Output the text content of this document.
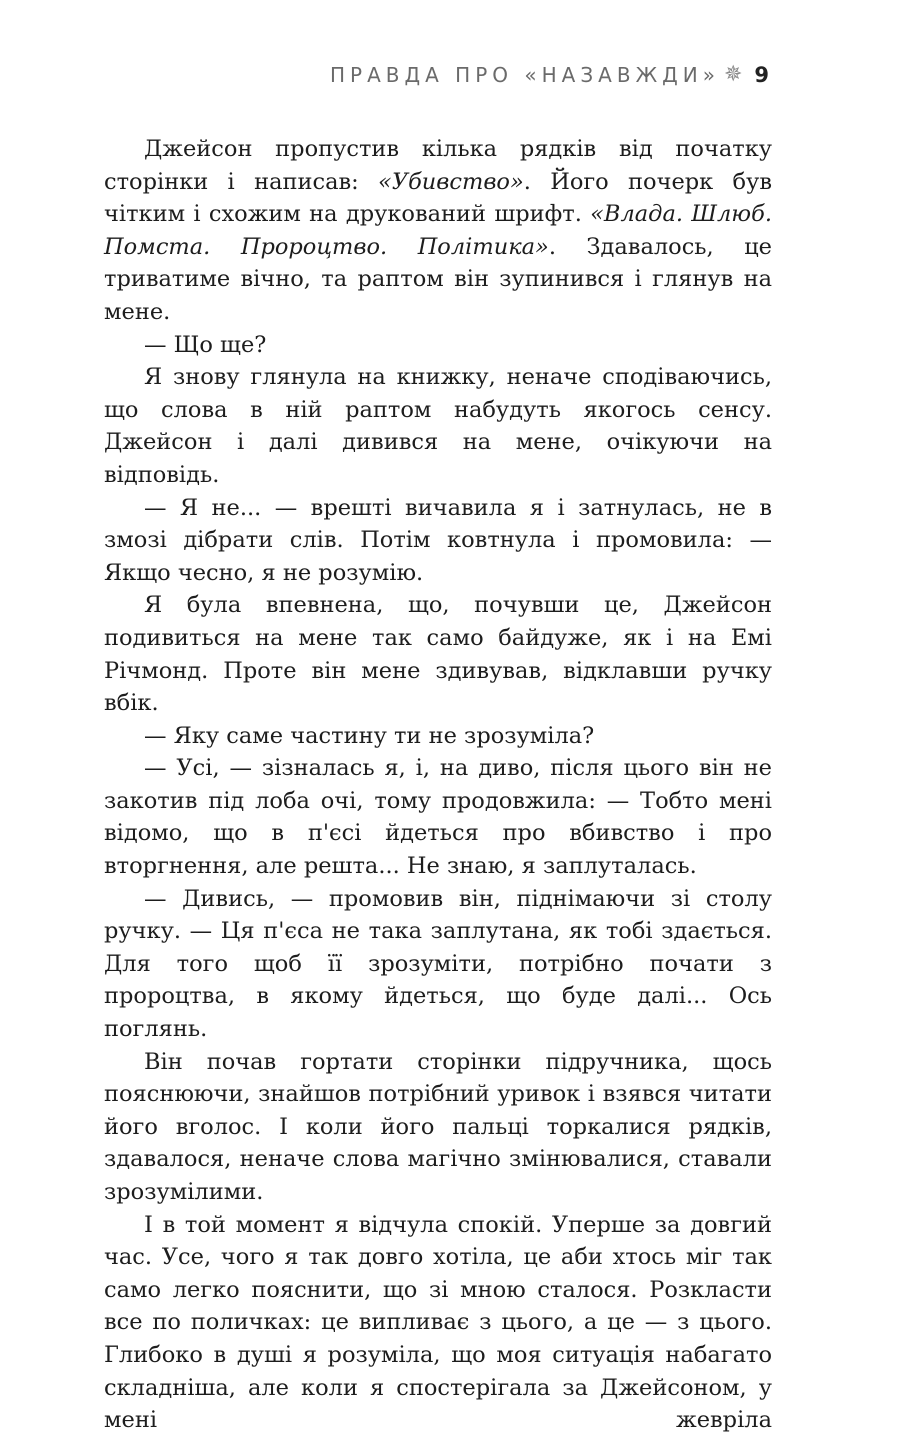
ПРАВДА ПРО «НАЗАВЖДИ» ✵ 9

Джейсон пропустив кілька рядків від початку сторінки і написав: «Убивство». Його почерк був чітким і схожим на друкований шрифт. «Влада. Шлюб. Помста. Пророцтво. Політика». Здавалось, це триватиме вічно, та раптом він зупинився і глянув на мене.

— Що ще?

Я знову глянула на книжку, неначе сподіваючись, що слова в ній раптом набудуть якогось сенсу. Джейсон і далі дивився на мене, очікуючи на відповідь.

— Я не... — врешті вичавила я і затнулась, не в змозі дібрати слів. Потім ковтнула і промовила: — Якщо чесно, я не розумію.

Я була впевнена, що, почувши це, Джейсон подивиться на мене так само байдуже, як і на Емі Річмонд. Проте він мене здивував, відклавши ручку вбік.

— Яку саме частину ти не зрозуміла?

— Усі, — зізналась я, і, на диво, після цього він не закотив під лоба очі, тому продовжила: — Тобто мені відомо, що в п'єсі йдеться про вбивство і про вторгнення, але решта... Не знаю, я заплуталась.

— Дивись, — промовив він, піднімаючи зі столу ручку. — Ця п'єса не така заплутана, як тобі здається. Для того щоб її зрозуміти, потрібно почати з пророцтва, в якому йдеться, що буде далі... Ось поглянь.

Він почав гортати сторінки підручника, щось пояснюючи, знайшов потрібний уривок і взявся читати його вголос. І коли його пальці торкалися рядків, здавалося, неначе слова магічно змінювалися, ставали зрозумілими.

І в той момент я відчула спокій. Уперше за довгий час. Усе, чого я так довго хотіла, це аби хтось міг так само легко пояснити, що зі мною сталося. Розкласти все по поличках: це випливає з цього, а це — з цього. Глибоко в душі я розуміла, що моя ситуація набагато складніша, але коли я спостерігала за Джейсоном, у мені жевріла
